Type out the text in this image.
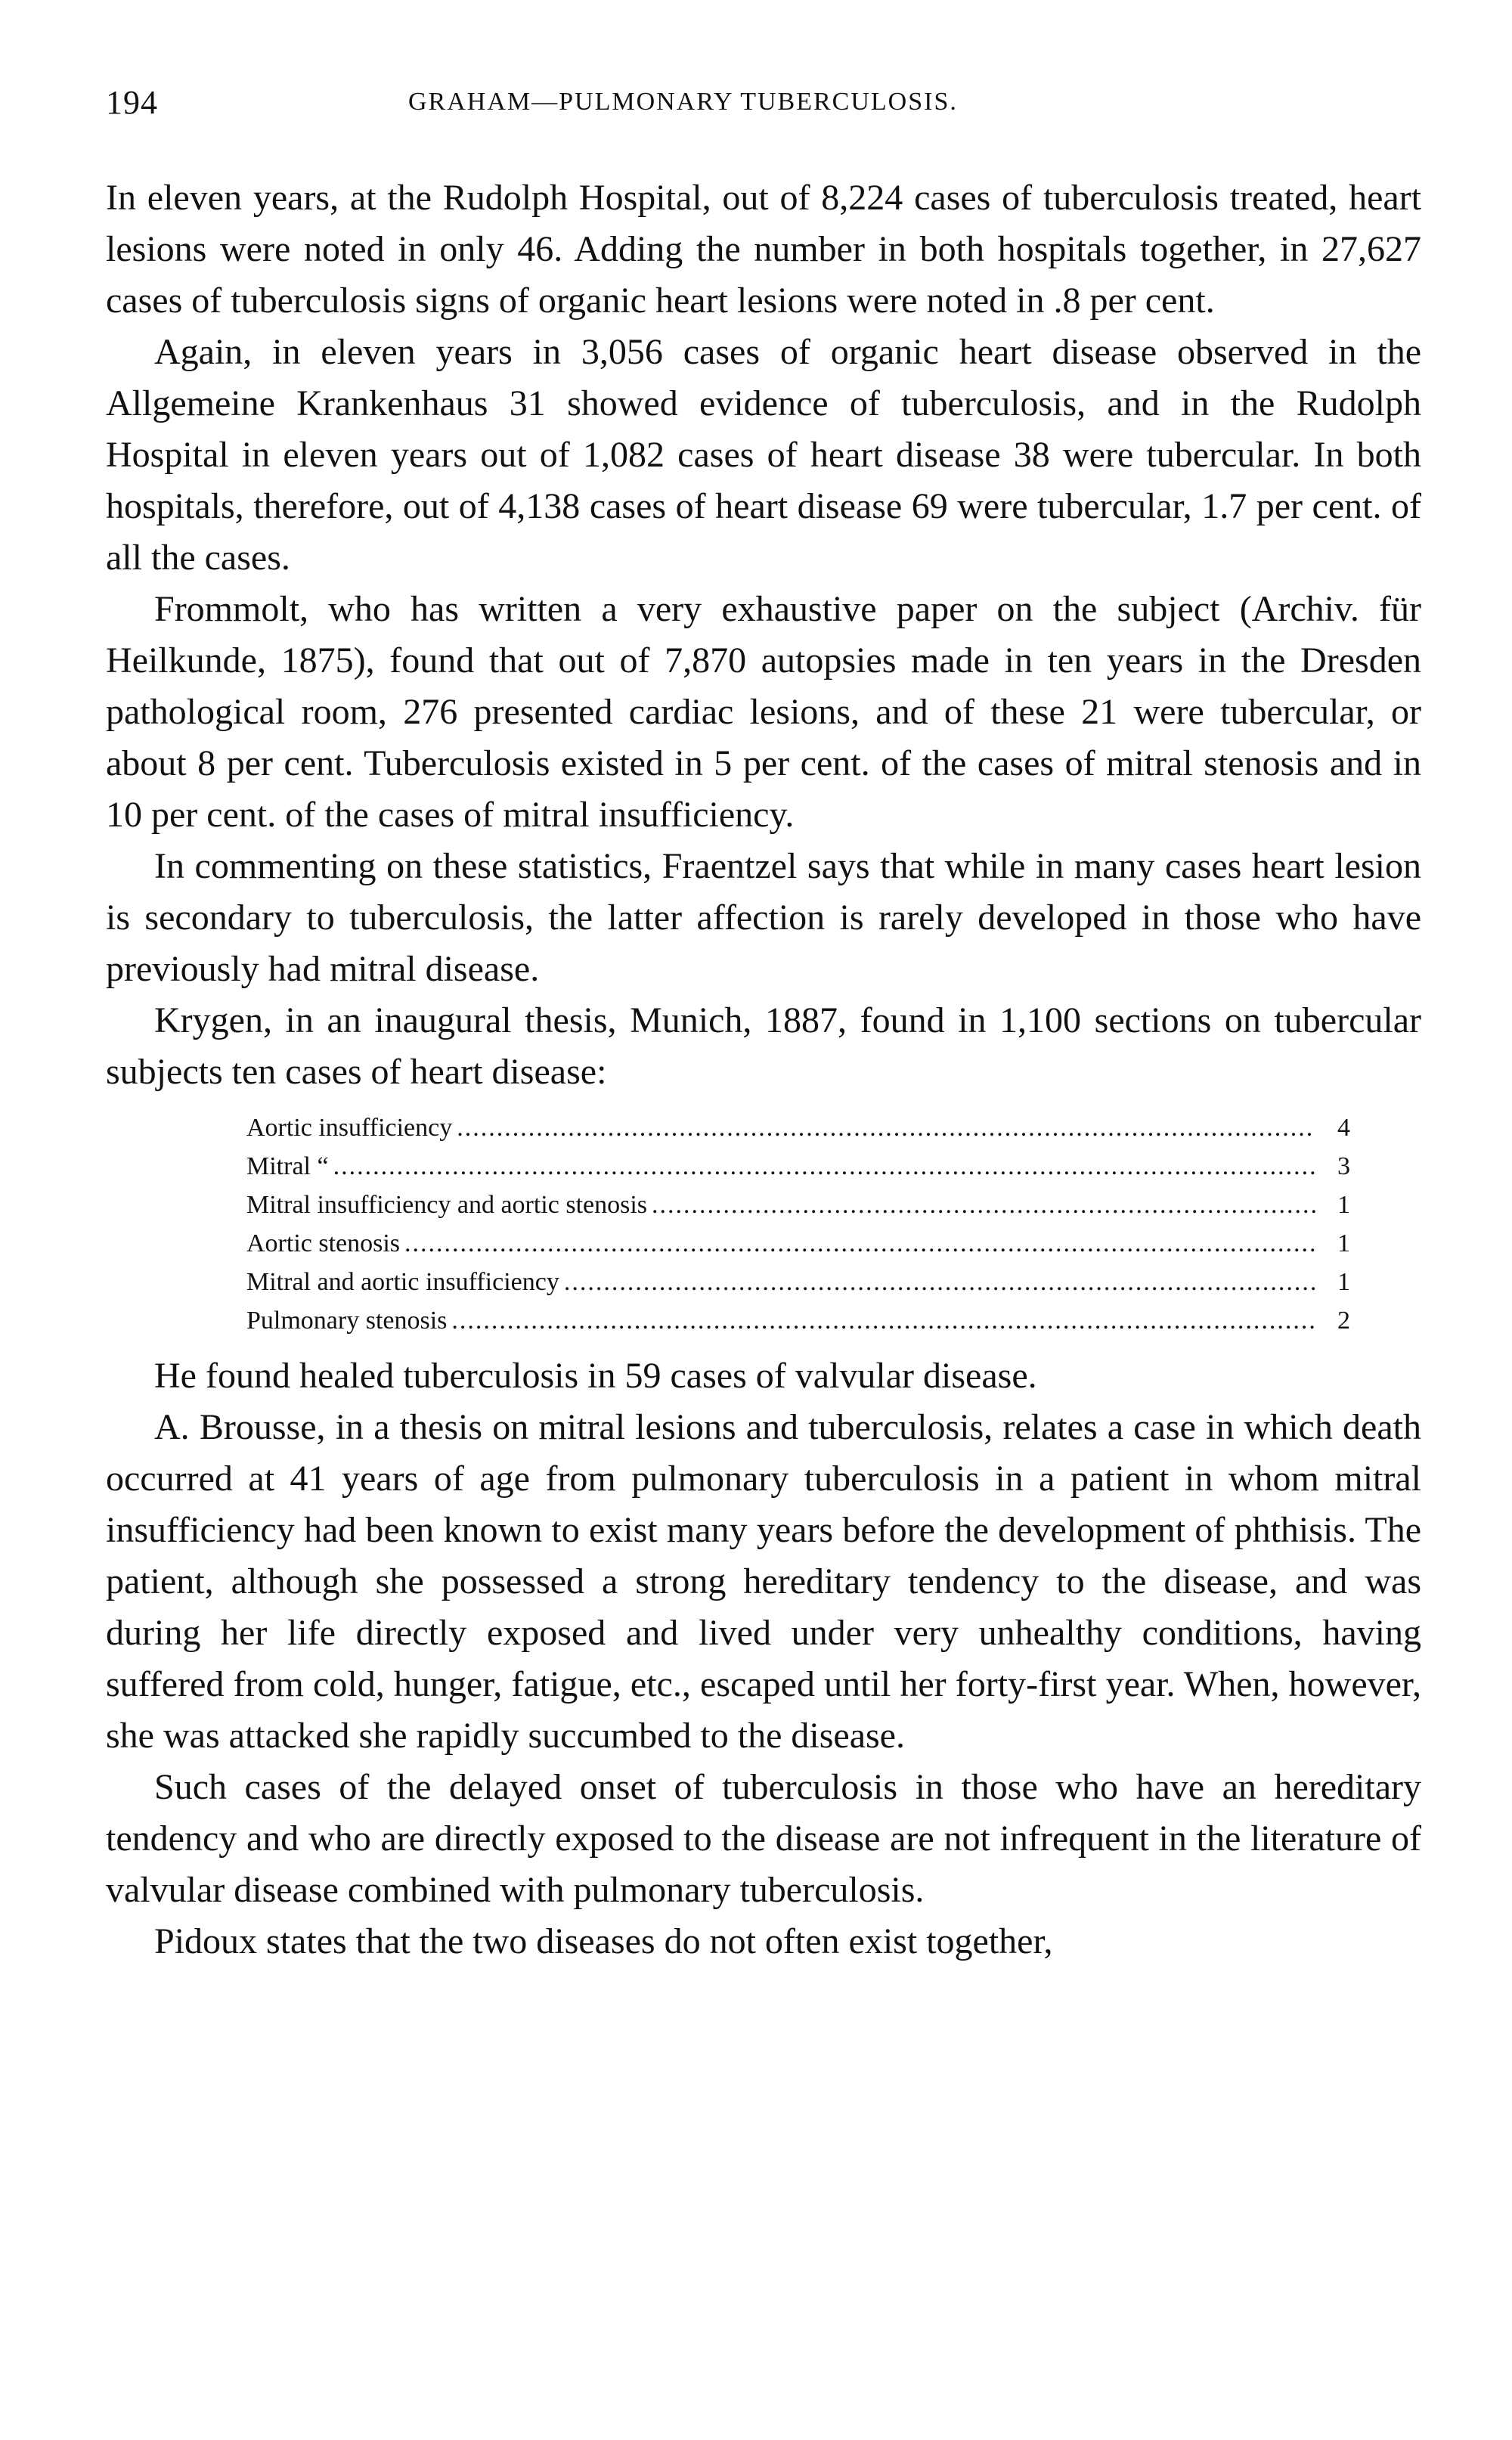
194	GRAHAM—PULMONARY TUBERCULOSIS.

In eleven years, at the Rudolph Hospital, out of 8,224 cases of tuberculosis treated, heart lesions were noted in only 46. Adding the number in both hospitals together, in 27,627 cases of tuberculosis signs of organic heart lesions were noted in .8 per cent.

Again, in eleven years in 3,056 cases of organic heart disease observed in the Allgemeine Krankenhaus 31 showed evidence of tuberculosis, and in the Rudolph Hospital in eleven years out of 1,082 cases of heart disease 38 were tubercular. In both hospitals, therefore, out of 4,138 cases of heart disease 69 were tubercular, 1.7 per cent. of all the cases.

Frommolt, who has written a very exhaustive paper on the subject (Archiv. für Heilkunde, 1875), found that out of 7,870 autopsies made in ten years in the Dresden pathological room, 276 presented cardiac lesions, and of these 21 were tubercular, or about 8 per cent. Tuberculosis existed in 5 per cent. of the cases of mitral stenosis and in 10 per cent. of the cases of mitral insufficiency.

In commenting on these statistics, Fraentzel says that while in many cases heart lesion is secondary to tuberculosis, the latter affection is rarely developed in those who have previously had mitral disease.

Krygen, in an inaugural thesis, Munich, 1887, found in 1,100 sections on tubercular subjects ten cases of heart disease:

Aortic insufficiency .....	4
Mitral “ .....	3
Mitral insufficiency and aortic stenosis .....	1
Aortic stenosis .....	1
Mitral and aortic insufficiency .....	1
Pulmonary stenosis .....	2

He found healed tuberculosis in 59 cases of valvular disease.

A. Brousse, in a thesis on mitral lesions and tuberculosis, relates a case in which death occurred at 41 years of age from pulmonary tuberculosis in a patient in whom mitral insufficiency had been known to exist many years before the development of phthisis. The patient, although she possessed a strong hereditary tendency to the disease, and was during her life directly exposed and lived under very unhealthy conditions, having suffered from cold, hunger, fatigue, etc., escaped until her forty-first year. When, however, she was attacked she rapidly succumbed to the disease.

Such cases of the delayed onset of tuberculosis in those who have an hereditary tendency and who are directly exposed to the disease are not infrequent in the literature of valvular disease combined with pulmonary tuberculosis.

Pidoux states that the two diseases do not often exist together,
